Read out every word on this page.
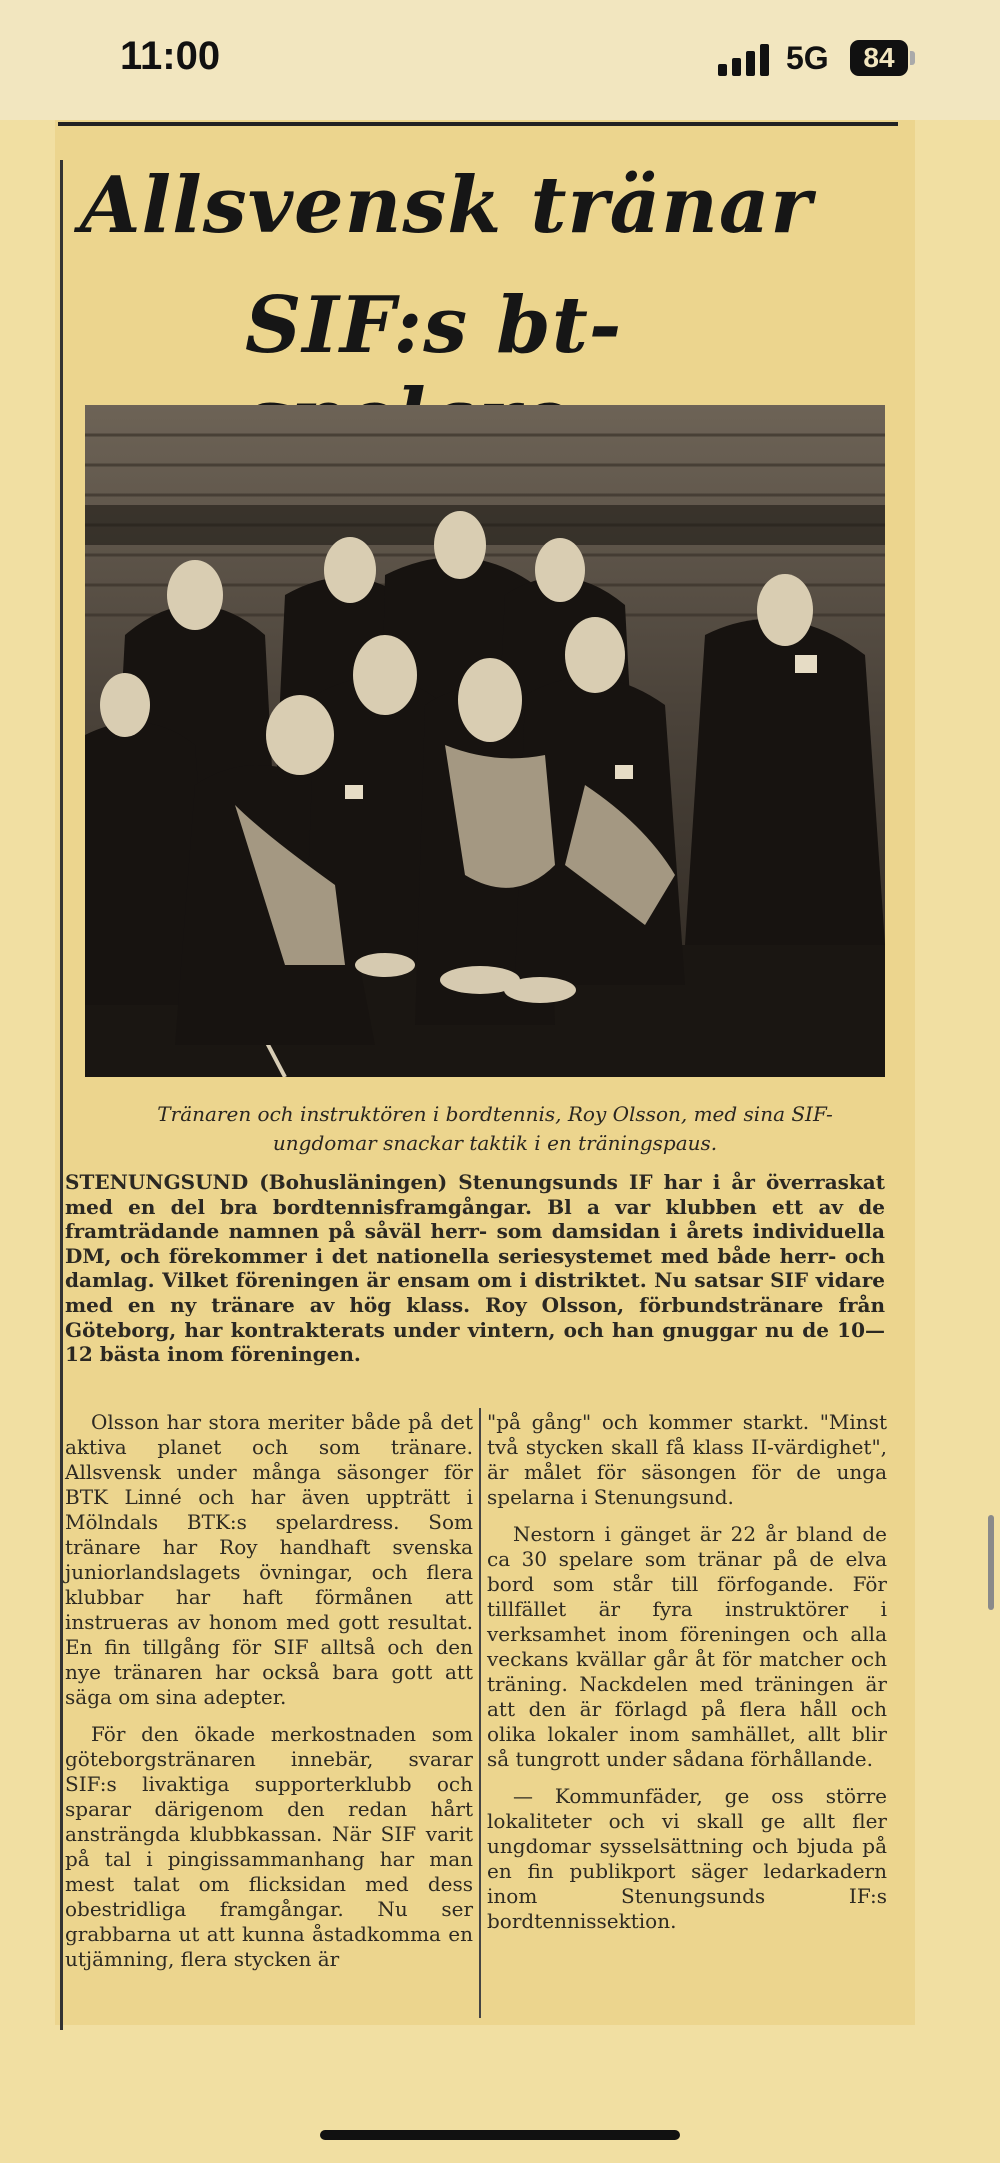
11:00	5G	84
Allsvensk tränar
SIF:s bt-

Tränaren och instruktören i bordtennis, Roy Olsson, med sina SIF-ungdomar snackar taktik i en träningspaus.

STENUNGSUND (Bohusläningen) Stenungsunds IF har i år överraskat med en del bra bordtennisframgångar. Bl a var klubben ett av de framträdande namnen på såväl herr- som damsidan i årets individuella DM, och förekommer i det nationella seriesystemet med både herr- och damlag. Vilket föreningen är ensam om i distriktet. Nu satsar SIF vidare med en ny tränare av hög klass. Roy Olsson, förbundstränare från Göteborg, har kontrakterats under vintern, och han gnuggar nu de 10—12 bästa inom föreningen.

Olsson har stora meriter både på det aktiva planet och som tränare. Allsvensk under många säsonger för BTK Linné och har även uppträtt i Mölndals BTK:s spelardress. Som tränare har Roy handhaft svenska juniorlandslagets övningar, och flera klubbar har haft förmånen att instrueras av honom med gott resultat. En fin tillgång för SIF alltså och den nye tränaren har också bara gott att säga om sina adepter.

För den ökade merkostnaden som göteborgstränaren innebär, svarar SIF:s livaktiga supporterklubb och sparar därigenom den redan hårt ansträngda klubbkassan. När SIF varit på tal i pingissammanhang har man mest talat om flicksidan med dess obestridliga framgångar. Nu ser grabbarna ut att kunna åstadkomma en utjämning, flera stycken är

"på gång" och kommer starkt. "Minst två stycken skall få klass II-värdighet", är målet för säsongen för de unga spelarna i Stenungsund.

Nestorn i gänget är 22 år bland de ca 30 spelare som tränar på de elva bord som står till förfogande. För tillfället är fyra instruktörer i verksamhet inom föreningen och alla veckans kvällar går åt för matcher och träning. Nackdelen med träningen är att den är förlagd på flera håll och olika lokaler inom samhället, allt blir så tungrott under sådana förhållande.

— Kommunfäder, ge oss större lokaliteter och vi skall ge allt fler ungdomar sysselsättning och bjuda på en fin publikport säger ledarkadern inom Stenungsunds IF:s bordtennissektion.
